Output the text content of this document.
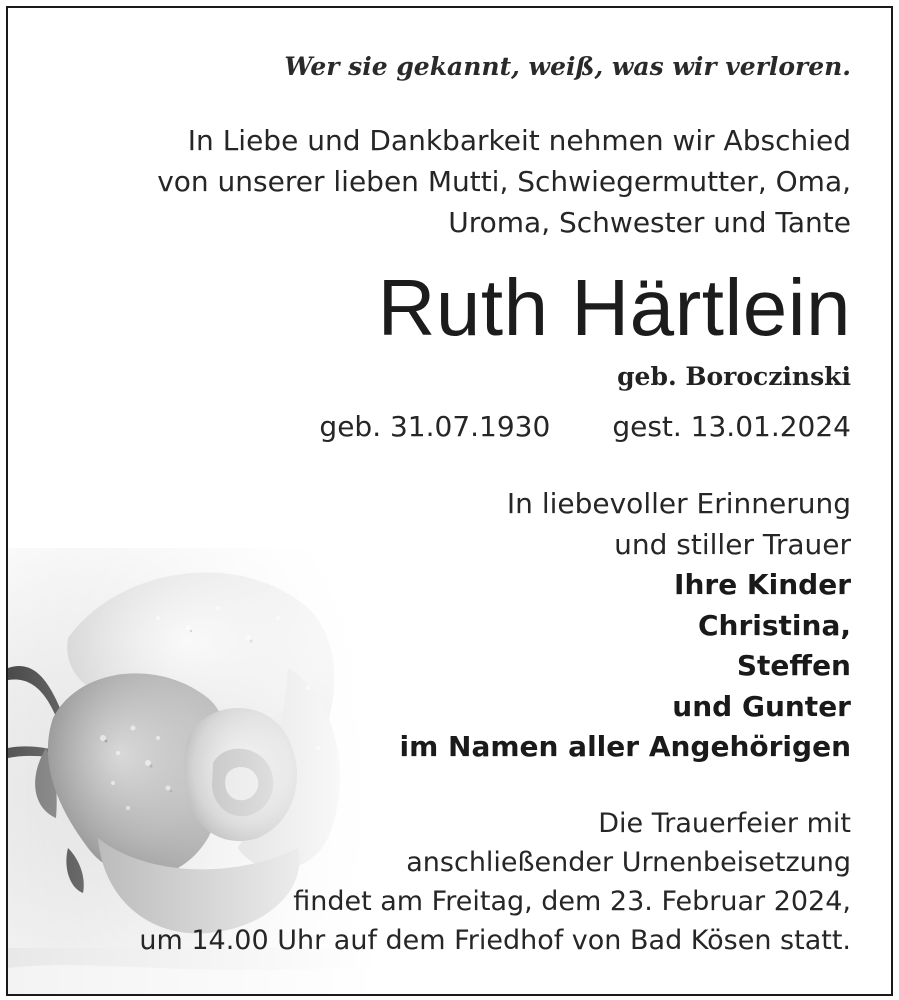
Wer sie gekannt, weiß, was wir verloren.
In Liebe und Dankbarkeit nehmen wir Abschied
von unserer lieben Mutti, Schwiegermutter, Oma,
Uroma, Schwester und Tante
Ruth Härtlein
geb. Boroczinski
geb. 31.07.1930 gest. 13.01.2024
In liebevoller Erinnerung
und stiller Trauer
Ihre Kinder
Christina,
Steffen
und Gunter
im Namen aller Angehörigen
Die Trauerfeier mit
anschließender Urnenbeisetzung
findet am Freitag, dem 23. Februar 2024,
um 14.00 Uhr auf dem Friedhof von Bad Kösen statt.
